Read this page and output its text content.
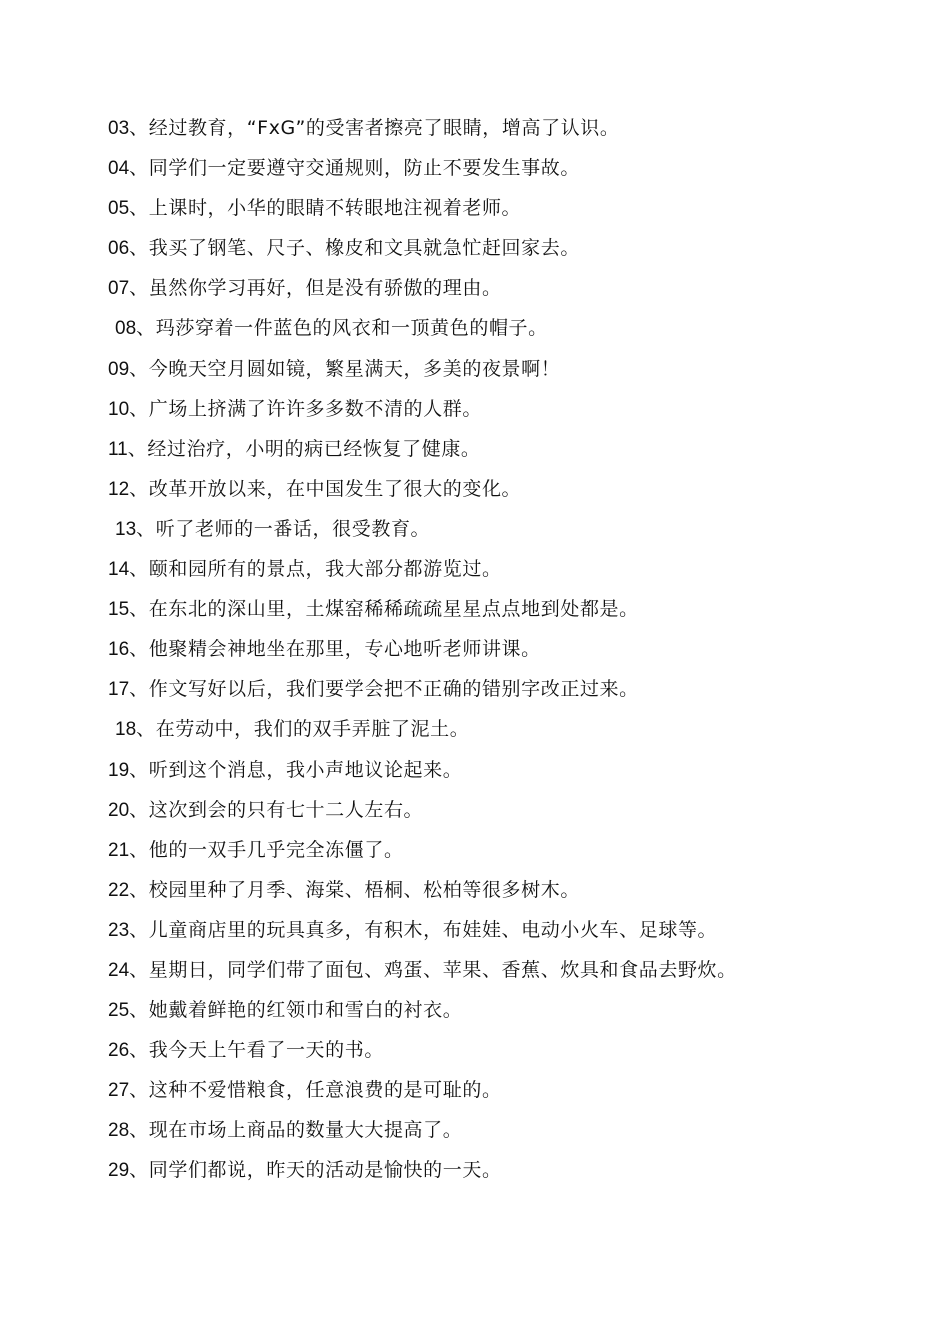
03、经过教育，“FxG”的受害者擦亮了眼睛，增高了认识。
04、同学们一定要遵守交通规则，防止不要发生事故。
05、上课时，小华的眼睛不转眼地注视着老师。
06、我买了钢笔、尺子、橡皮和文具就急忙赶回家去。
07、虽然你学习再好，但是没有骄傲的理由。
08、玛莎穿着一件蓝色的风衣和一顶黄色的帽子。
09、今晚天空月圆如镜，繁星满天，多美的夜景啊！
10、广场上挤满了许许多多数不清的人群。
11、经过治疗，小明的病已经恢复了健康。
12、改革开放以来，在中国发生了很大的变化。
13、听了老师的一番话，很受教育。
14、颐和园所有的景点，我大部分都游览过。
15、在东北的深山里，土煤窑稀稀疏疏星星点点地到处都是。
16、他聚精会神地坐在那里，专心地听老师讲课。
17、作文写好以后，我们要学会把不正确的错别字改正过来。
18、在劳动中，我们的双手弄脏了泥土。
19、听到这个消息，我小声地议论起来。
20、这次到会的只有七十二人左右。
21、他的一双手几乎完全冻僵了。
22、校园里种了月季、海棠、梧桐、松柏等很多树木。
23、儿童商店里的玩具真多，有积木，布娃娃、电动小火车、足球等。
24、星期日，同学们带了面包、鸡蛋、苹果、香蕉、炊具和食品去野炊。
25、她戴着鲜艳的红领巾和雪白的衬衣。
26、我今天上午看了一天的书。
27、这种不爱惜粮食，任意浪费的是可耻的。
28、现在市场上商品的数量大大提高了。
29、同学们都说，昨天的活动是愉快的一天。
